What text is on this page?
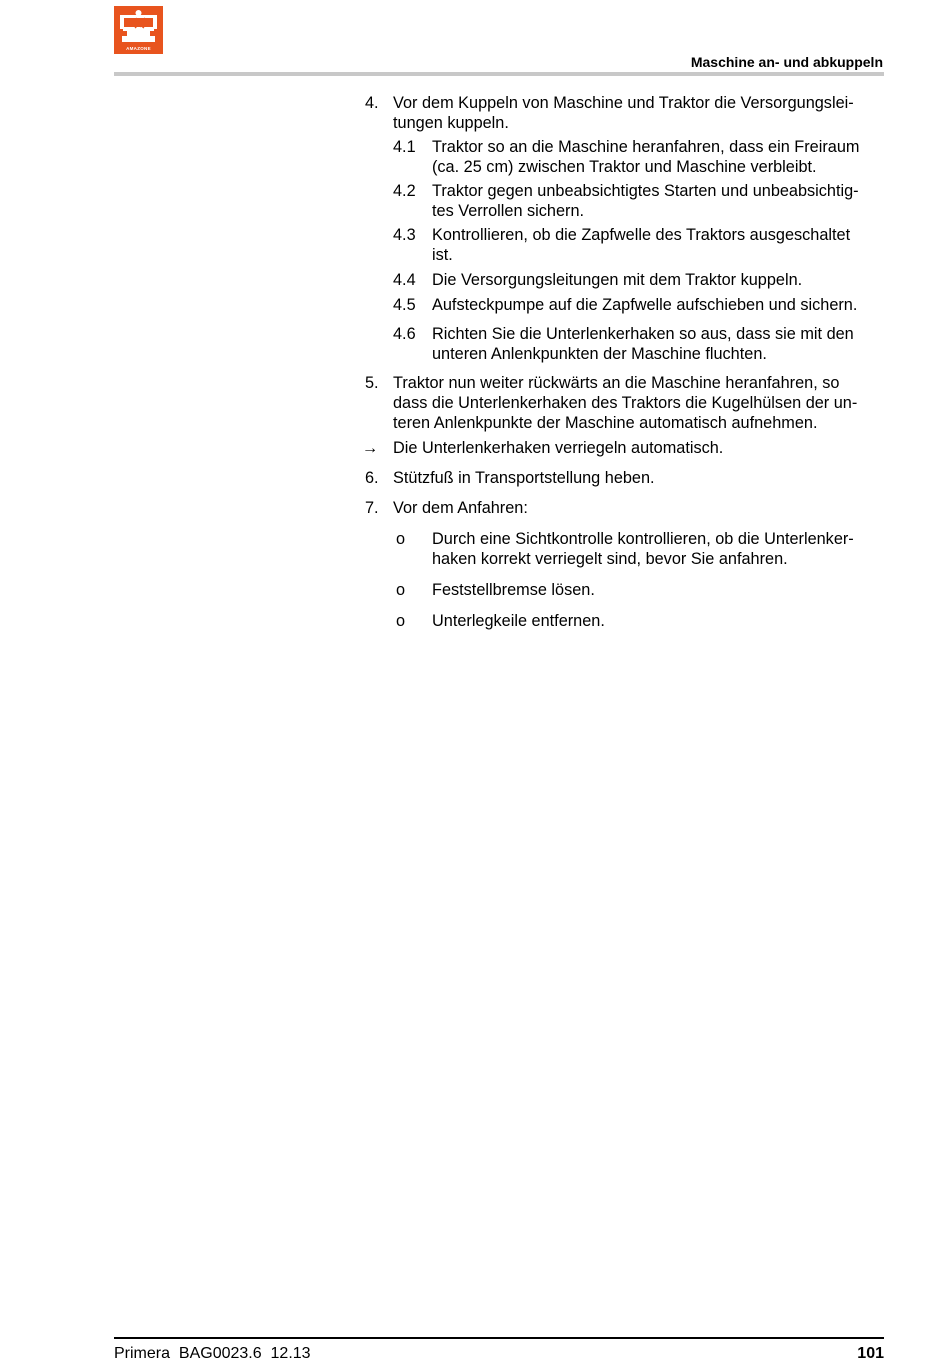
AMAZONE
Maschine an- und abkuppeln
4. Vor dem Kuppeln von Maschine und Traktor die Versorgungslei-
tungen kuppeln.
4.1 Traktor so an die Maschine heranfahren, dass ein Freiraum
(ca. 25 cm) zwischen Traktor und Maschine verbleibt.
4.2 Traktor gegen unbeabsichtigtes Starten und unbeabsichtig-
tes Verrollen sichern.
4.3 Kontrollieren, ob die Zapfwelle des Traktors ausgeschaltet
ist.
4.4 Die Versorgungsleitungen mit dem Traktor kuppeln.
4.5 Aufsteckpumpe auf die Zapfwelle aufschieben und sichern.
4.6 Richten Sie die Unterlenkerhaken so aus, dass sie mit den
unteren Anlenkpunkten der Maschine fluchten.
5. Traktor nun weiter rückwärts an die Maschine heranfahren, so
dass die Unterlenkerhaken des Traktors die Kugelhülsen der un-
teren Anlenkpunkte der Maschine automatisch aufnehmen.
→ Die Unterlenkerhaken verriegeln automatisch.
6. Stützfuß in Transportstellung heben.
7. Vor dem Anfahren:
o Durch eine Sichtkontrolle kontrollieren, ob die Unterlenker-
haken korrekt verriegelt sind, bevor Sie anfahren.
o Feststellbremse lösen.
o Unterlegkeile entfernen.
Primera  BAG0023.6  12.13	101
